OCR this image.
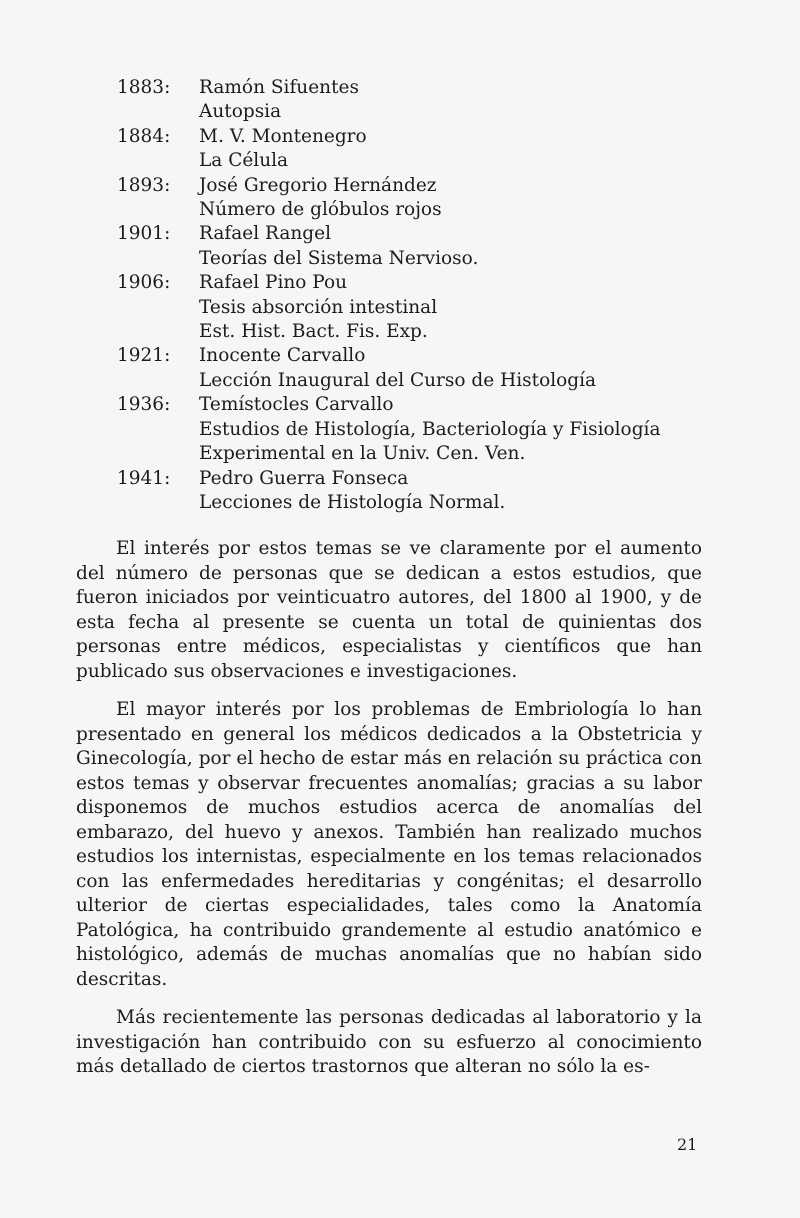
1883:	Ramón Sifuentes
Autopsia
1884:	M. V. Montenegro
La Célula
1893:	José Gregorio Hernández
Número de glóbulos rojos
1901:	Rafael Rangel
Teorías del Sistema Nervioso.
1906:	Rafael Pino Pou
Tesis absorción intestinal
Est. Hist. Bact. Fis. Exp.
1921:	Inocente Carvallo
Lección Inaugural del Curso de Histología
1936:	Temístocles Carvallo
Estudios de Histología, Bacteriología y Fisiología
Experimental en la Univ. Cen. Ven.
1941:	Pedro Guerra Fonseca
Lecciones de Histología Normal.

El interés por estos temas se ve claramente por el aumento del número de personas que se dedican a estos estudios, que fueron iniciados por veinticuatro autores, del 1800 al 1900, y de esta fecha al presente se cuenta un total de quinientas dos personas entre médicos, especialistas y científicos que han publicado sus observaciones e investigaciones.

El mayor interés por los problemas de Embriología lo han presentado en general los médicos dedicados a la Obstetricia y Ginecología, por el hecho de estar más en relación su práctica con estos temas y observar frecuentes anomalías; gracias a su labor disponemos de muchos estudios acerca de anomalías del embarazo, del huevo y anexos. También han realizado muchos estudios los internistas, especialmente en los temas relacionados con las enfermedades hereditarias y congénitas; el desarrollo ulterior de ciertas especialidades, tales como la Anatomía Patológica, ha contribuido grandemente al estudio anatómico e histológico, además de muchas anomalías que no habían sido descritas.

Más recientemente las personas dedicadas al laboratorio y la investigación han contribuido con su esfuerzo al conocimiento más detallado de ciertos trastornos que alteran no sólo la es-

21
